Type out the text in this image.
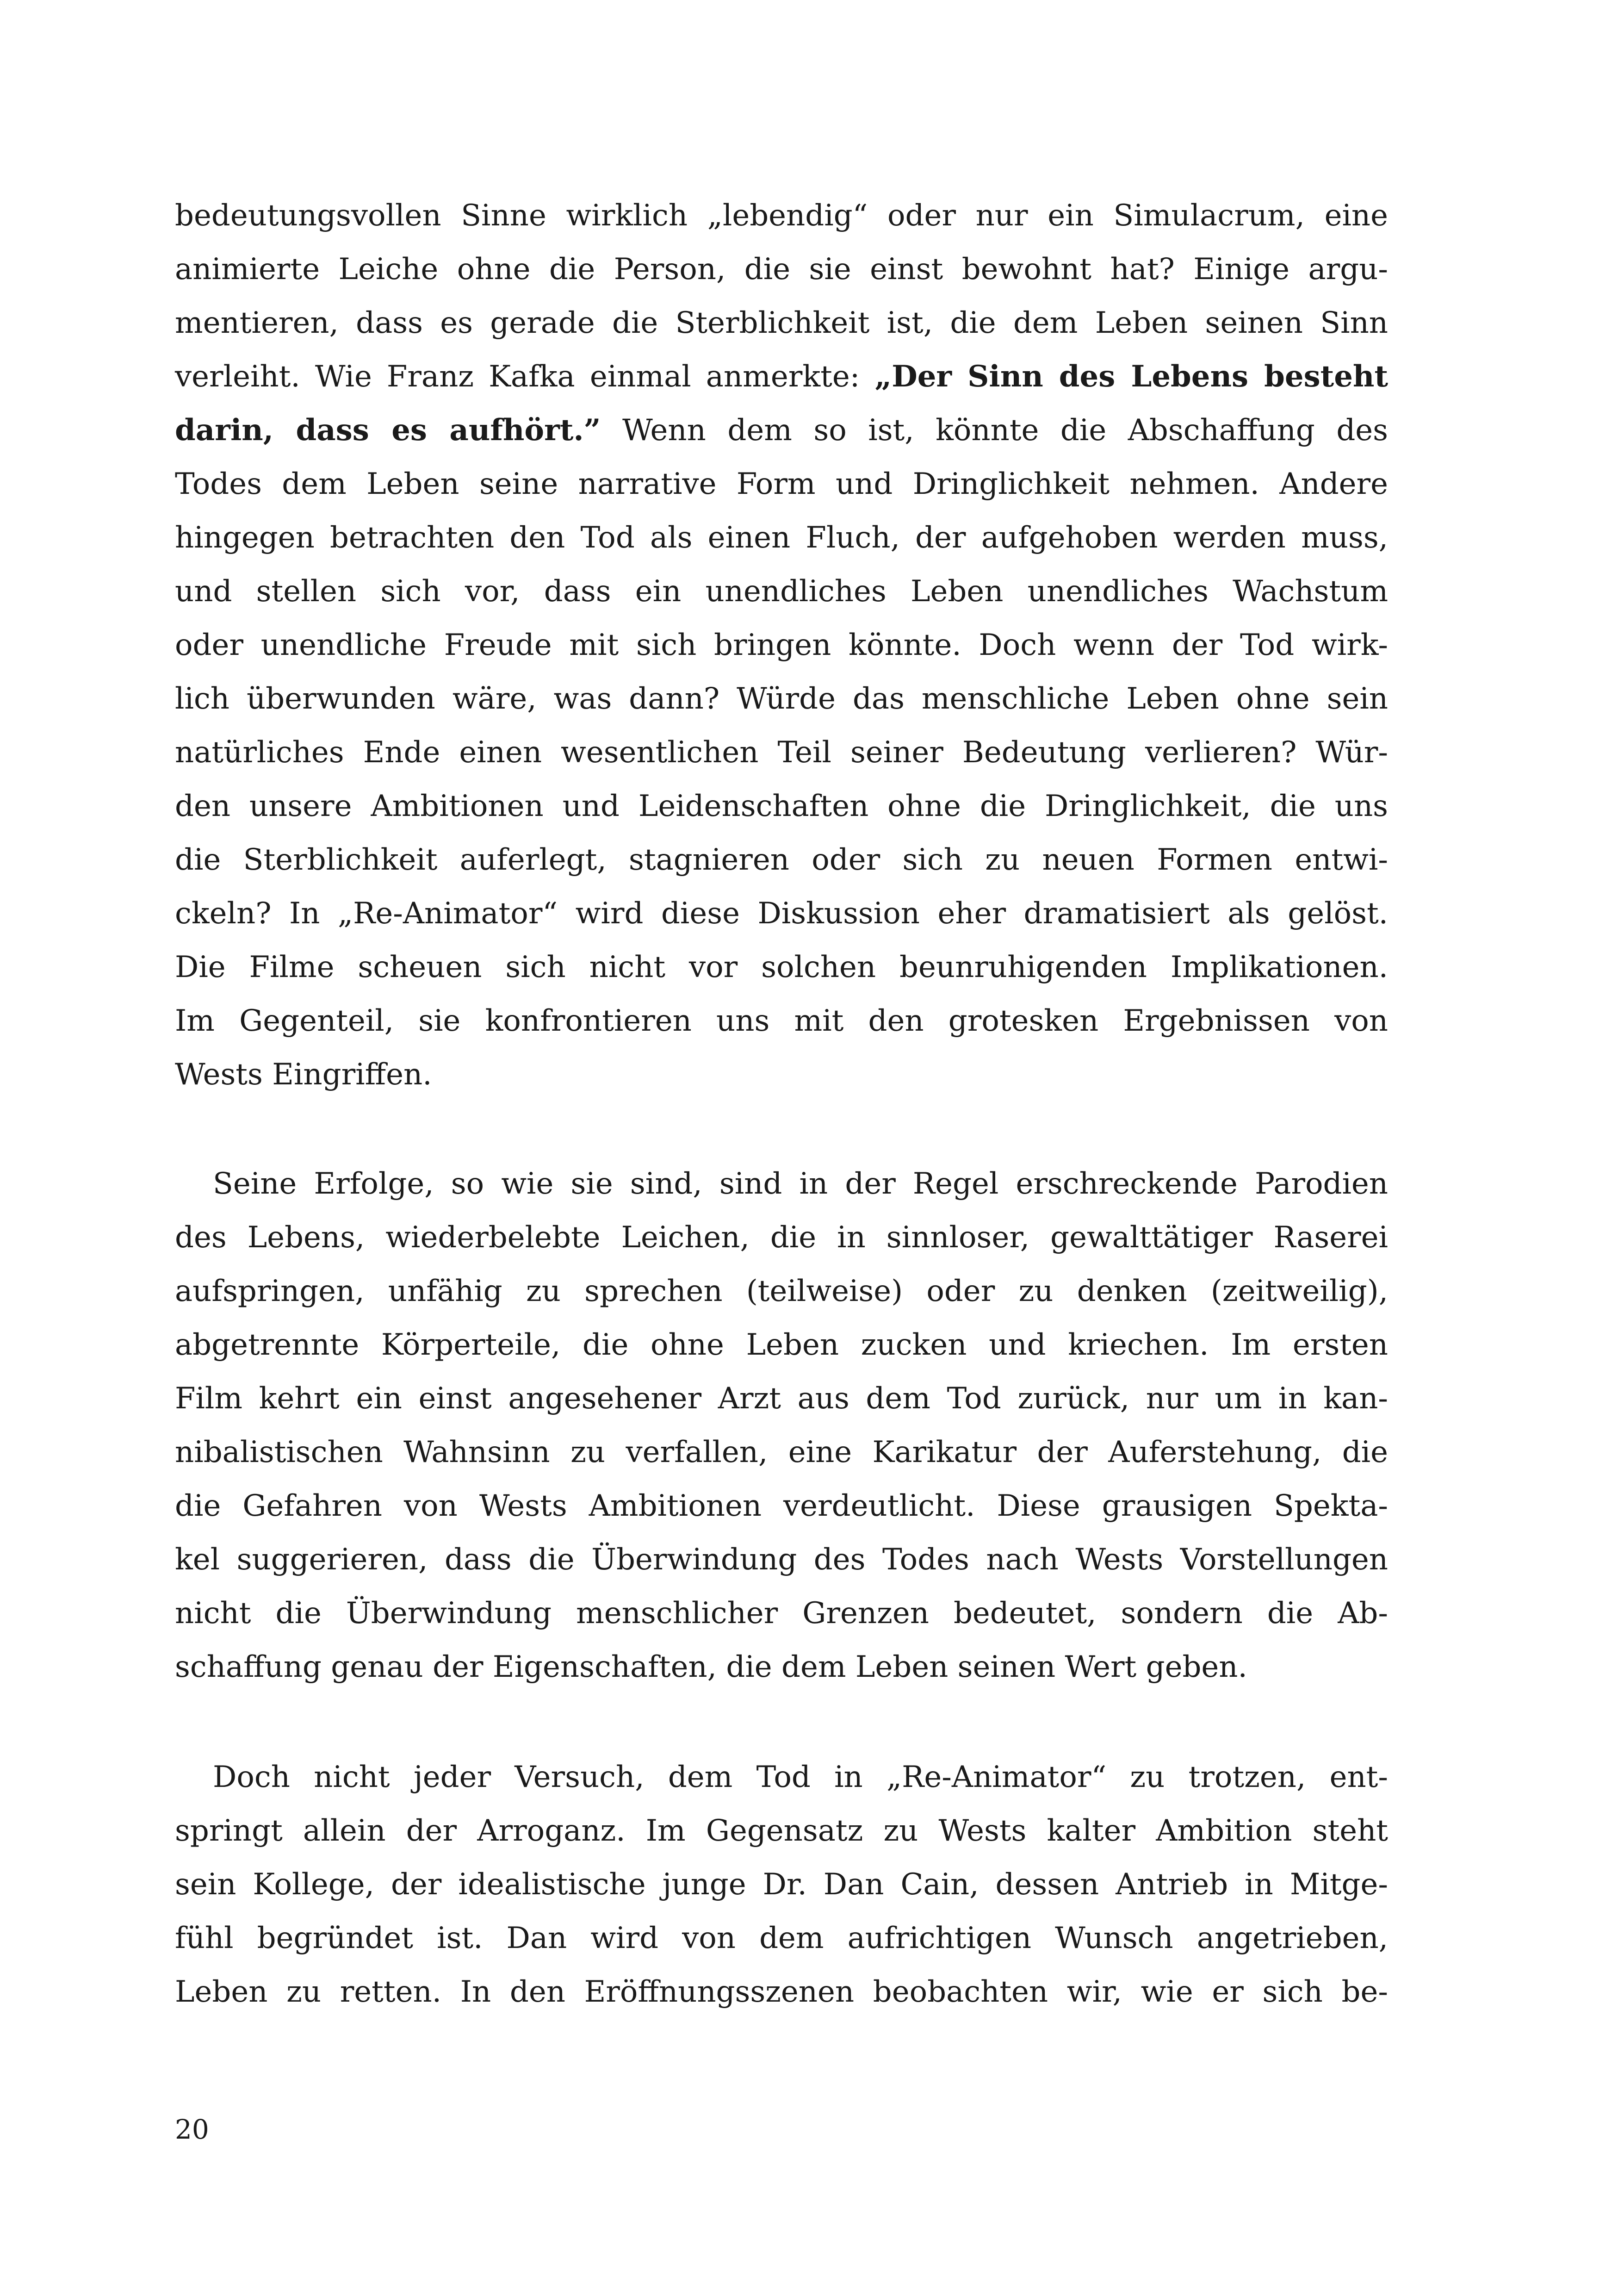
bedeutungsvollen Sinne wirklich „lebendig“ oder nur ein Simulacrum, eine
animierte Leiche ohne die Person, die sie einst bewohnt hat? Einige argu-
mentieren, dass es gerade die Sterblichkeit ist, die dem Leben seinen Sinn
verleiht. Wie Franz Kafka einmal anmerkte: „Der Sinn des Lebens besteht
darin, dass es aufhört.” Wenn dem so ist, könnte die Abschaffung des
Todes dem Leben seine narrative Form und Dringlichkeit nehmen. Andere
hingegen betrachten den Tod als einen Fluch, der aufgehoben werden muss,
und stellen sich vor, dass ein unendliches Leben unendliches Wachstum
oder unendliche Freude mit sich bringen könnte. Doch wenn der Tod wirk-
lich überwunden wäre, was dann? Würde das menschliche Leben ohne sein
natürliches Ende einen wesentlichen Teil seiner Bedeutung verlieren? Wür-
den unsere Ambitionen und Leidenschaften ohne die Dringlichkeit, die uns
die Sterblichkeit auferlegt, stagnieren oder sich zu neuen Formen entwi-
ckeln? In „Re-Animator“ wird diese Diskussion eher dramatisiert als gelöst.
Die Filme scheuen sich nicht vor solchen beunruhigenden Implikationen.
Im Gegenteil, sie konfrontieren uns mit den grotesken Ergebnissen von
Wests Eingriffen.
Seine Erfolge, so wie sie sind, sind in der Regel erschreckende Parodien
des Lebens, wiederbelebte Leichen, die in sinnloser, gewalttätiger Raserei
aufspringen, unfähig zu sprechen (teilweise) oder zu denken (zeitweilig),
abgetrennte Körperteile, die ohne Leben zucken und kriechen. Im ersten
Film kehrt ein einst angesehener Arzt aus dem Tod zurück, nur um in kan-
nibalistischen Wahnsinn zu verfallen, eine Karikatur der Auferstehung, die
die Gefahren von Wests Ambitionen verdeutlicht. Diese grausigen Spekta-
kel suggerieren, dass die Überwindung des Todes nach Wests Vorstellungen
nicht die Überwindung menschlicher Grenzen bedeutet, sondern die Ab-
schaffung genau der Eigenschaften, die dem Leben seinen Wert geben.
Doch nicht jeder Versuch, dem Tod in „Re-Animator“ zu trotzen, ent-
springt allein der Arroganz. Im Gegensatz zu Wests kalter Ambition steht
sein Kollege, der idealistische junge Dr. Dan Cain, dessen Antrieb in Mitge-
fühl begründet ist. Dan wird von dem aufrichtigen Wunsch angetrieben,
Leben zu retten. In den Eröffnungsszenen beobachten wir, wie er sich be-
20
